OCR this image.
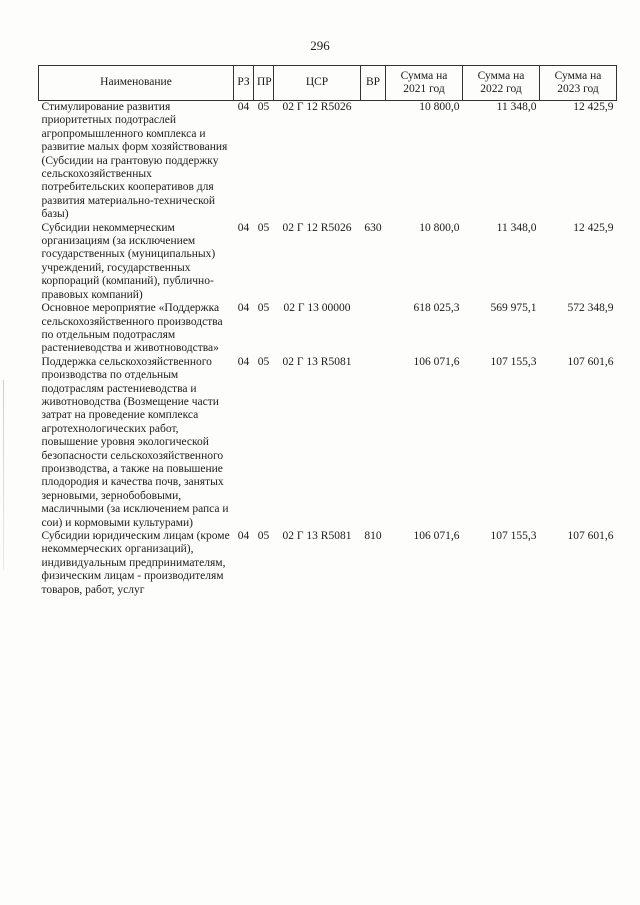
296
Наименование	РЗ	ПР	ЦСР	ВР	Сумма на 2021 год	Сумма на 2022 год	Сумма на 2023 год
Стимулирование развития приоритетных подотраслей агропромышленного комплекса и развитие малых форм хозяйствования (Субсидии на грантовую поддержку сельскохозяйственных потребительских кооперативов для развития материально-технической базы)	04	05	02 Г 12 R5026		10 800,0	11 348,0	12 425,9
Субсидии некоммерческим организациям (за исключением государственных (муниципальных) учреждений, государственных корпораций (компаний), публично-правовых компаний)	04	05	02 Г 12 R5026	630	10 800,0	11 348,0	12 425,9
Основное мероприятие «Поддержка сельскохозяйственного производства по отдельным подотраслям растениеводства и животноводства»	04	05	02 Г 13 00000		618 025,3	569 975,1	572 348,9
Поддержка сельскохозяйственного производства по отдельным подотраслям растениеводства и животноводства (Возмещение части затрат на проведение комплекса агротехнологических работ, повышение уровня экологической безопасности сельскохозяйственного производства, а также на повышение плодородия и качества почв, занятых зерновыми, зернобобовыми, масличными (за исключением рапса и сои) и кормовыми культурами)	04	05	02 Г 13 R5081		106 071,6	107 155,3	107 601,6
Субсидии юридическим лицам (кроме некоммерческих организаций), индивидуальным предпринимателям, физическим лицам - производителям товаров, работ, услуг	04	05	02 Г 13 R5081	810	106 071,6	107 155,3	107 601,6
